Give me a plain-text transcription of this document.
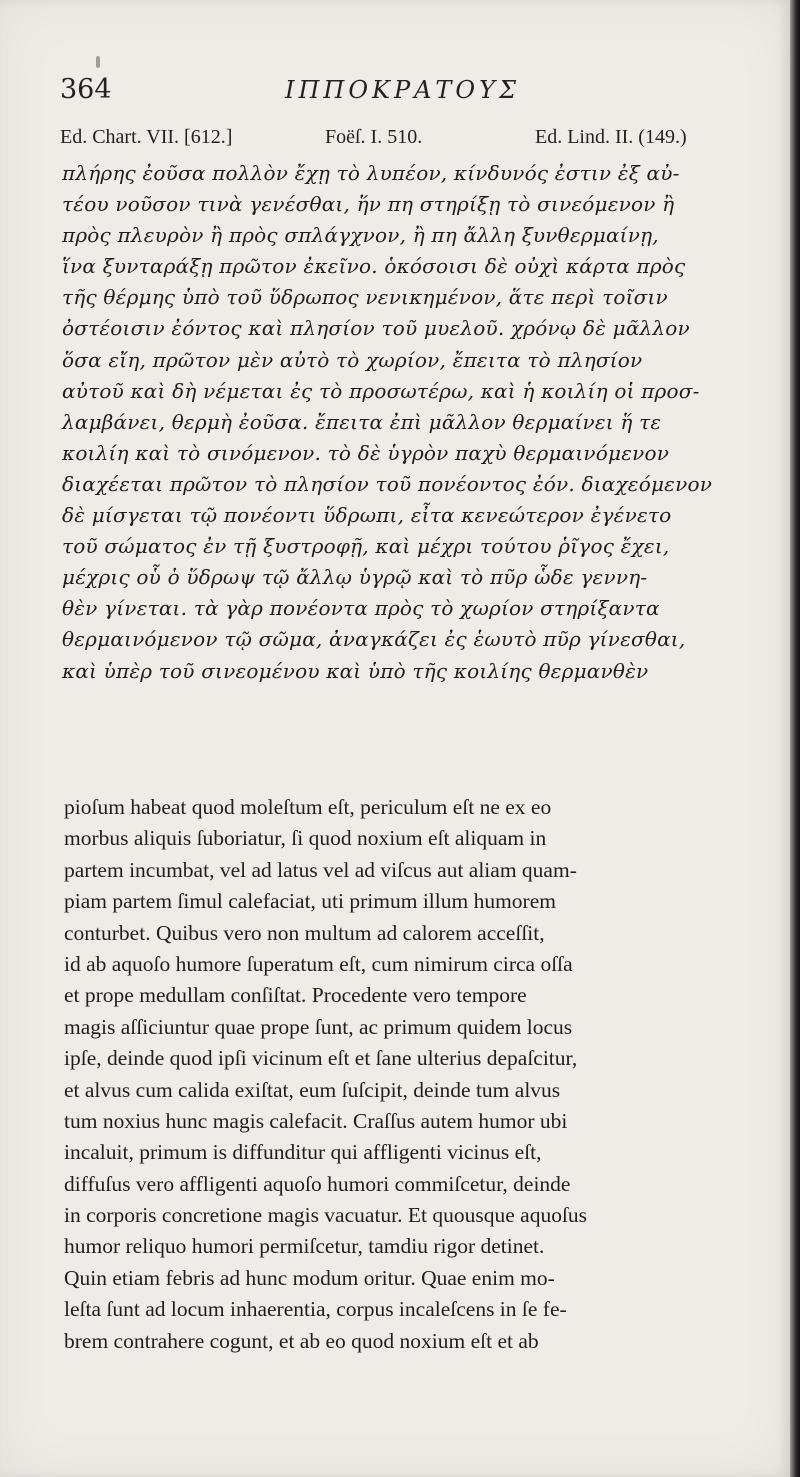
364	ΙΠΠΟΚΡΑΤΟΥΣ
Ed. Chart. VII. [612.]	Foëſ. I. 510.	Ed. Lind. II. (149.)
πλήρης ἐοῦσα πολλὸν ἔχῃ τὸ λυπέον, κίνδυνός ἐστιν ἐξ αὐ-
τέου νοῦσον τινὰ γενέσθαι, ἥν πη στηρίξῃ τὸ σινεόμενον ἢ
πρὸς πλευρὸν ἢ πρὸς σπλάγχνον, ἢ πη ἄλλη ξυνθερμαίνῃ,
ἵνα ξυνταράξῃ πρῶτον ἐκεῖνο. ὁκόσοισι δὲ οὐχὶ κάρτα πρὸς
τῆς θέρμης ὑπὸ τοῦ ὕδρωπος νενικημένον, ἅτε περὶ τοῖσιν
ὀστέοισιν ἐόντος καὶ πλησίον τοῦ μυελοῦ. χρόνῳ δὲ μᾶλλον
ὅσα εἴη, πρῶτον μὲν αὐτὸ τὸ χωρίον, ἔπειτα τὸ πλησίον
αὐτοῦ καὶ δὴ νέμεται ἐς τὸ προσωτέρω, καὶ ἡ κοιλίη οἱ προσ-
λαμβάνει, θερμὴ ἐοῦσα. ἔπειτα ἐπὶ μᾶλλον θερμαίνει ἥ τε
κοιλίη καὶ τὸ σινόμενον. τὸ δὲ ὑγρὸν παχὺ θερμαινόμενον
διαχέεται πρῶτον τὸ πλησίον τοῦ πονέοντος ἐόν. διαχεόμενον
δὲ μίσγεται τῷ πονέοντι ὕδρωπι, εἶτα κενεώτερον ἐγένετο
τοῦ σώματος ἐν τῇ ξυστροφῇ, καὶ μέχρι τούτου ῥῖγος ἔχει,
μέχρις οὗ ὁ ὕδρωψ τῷ ἄλλῳ ὑγρῷ καὶ τὸ πῦρ ὧδε γεννη-
θὲν γίνεται. τὰ γὰρ πονέοντα πρὸς τὸ χωρίον στηρίξαντα
θερμαινόμενον τῷ σῶμα, ἀναγκάζει ἐς ἑωυτὸ πῦρ γίνεσθαι,
καὶ ὑπὲρ τοῦ σινεομένου καὶ ὑπὸ τῆς κοιλίης θερμανθὲν
pioſum habeat quod moleſtum eſt, periculum eſt ne ex eo
morbus aliquis ſuboriatur, ſi quod noxium eſt aliquam in
partem incumbat, vel ad latus vel ad viſcus aut aliam quam-
piam partem ſimul calefaciat, uti primum illum humorem
conturbet. Quibus vero non multum ad calorem acceſſit,
id ab aquoſo humore ſuperatum eſt, cum nimirum circa oſſa
et prope medullam conſiſtat. Procedente vero tempore
magis aſſiciuntur quae prope ſunt, ac primum quidem locus
ipſe, deinde quod ipſi vicinum eſt et ſane ulterius depaſcitur,
et alvus cum calida exiſtat, eum ſuſcipit, deinde tum alvus
tum noxius hunc magis calefacit. Craſſus autem humor ubi
incaluit, primum is diffunditur qui affligenti vicinus eſt,
diffuſus vero affligenti aquoſo humori commiſcetur, deinde
in corporis concretione magis vacuatur. Et quousque aquoſus
humor reliquo humori permiſcetur, tamdiu rigor detinet.
Quin etiam febris ad hunc modum oritur. Quae enim mo-
leſta ſunt ad locum inhaerentia, corpus incaleſcens in ſe fe-
brem contrahere cogunt, et ab eo quod noxium eſt et ab
